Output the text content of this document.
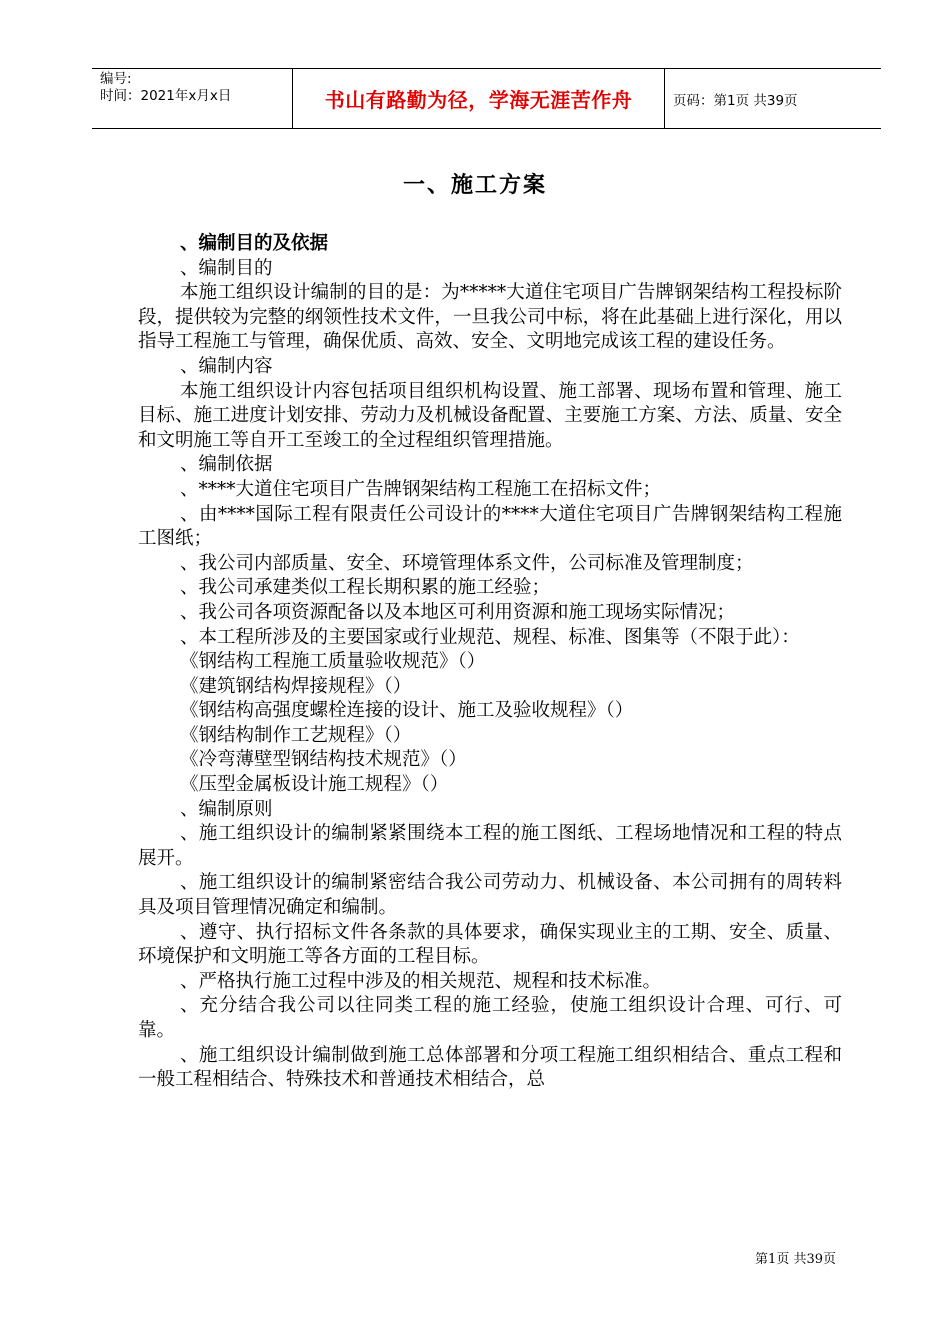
编号:
时间：2021年x月x日	书山有路勤为径，学海无涯苦作舟	页码：第1页 共39页
一、施工方案

、编制目的及依据

、编制目的

本施工组织设计编制的目的是：为*****大道住宅项目广告牌钢架结构工程投标阶段，提供较为完整的纲领性技术文件，一旦我公司中标，将在此基础上进行深化，用以指导工程施工与管理，确保优质、高效、安全、文明地完成该工程的建设任务。

、编制内容

本施工组织设计内容包括项目组织机构设置、施工部署、现场布置和管理、施工目标、施工进度计划安排、劳动力及机械设备配置、主要施工方案、方法、质量、安全和文明施工等自开工至竣工的全过程组织管理措施。

、编制依据

、****大道住宅项目广告牌钢架结构工程施工在招标文件；

、由****国际工程有限责任公司设计的****大道住宅项目广告牌钢架结构工程施工图纸；

、我公司内部质量、安全、环境管理体系文件，公司标准及管理制度；

、我公司承建类似工程长期积累的施工经验；

、我公司各项资源配备以及本地区可利用资源和施工现场实际情况；

、本工程所涉及的主要国家或行业规范、规程、标准、图集等（不限于此）：

《钢结构工程施工质量验收规范》（）

《建筑钢结构焊接规程》（）

《钢结构高强度螺栓连接的设计、施工及验收规程》（）

《钢结构制作工艺规程》（）

《冷弯薄壁型钢结构技术规范》（）

《压型金属板设计施工规程》（）

、编制原则

、施工组织设计的编制紧紧围绕本工程的施工图纸、工程场地情况和工程的特点展开。

、施工组织设计的编制紧密结合我公司劳动力、机械设备、本公司拥有的周转料具及项目管理情况确定和编制。

、遵守、执行招标文件各条款的具体要求，确保实现业主的工期、安全、质量、环境保护和文明施工等各方面的工程目标。

、严格执行施工过程中涉及的相关规范、规程和技术标准。

、充分结合我公司以往同类工程的施工经验，使施工组织设计合理、可行、可靠。

、施工组织设计编制做到施工总体部署和分项工程施工组织相结合、重点工程和一般工程相结合、特殊技术和普通技术相结合，总

第1页 共39页
